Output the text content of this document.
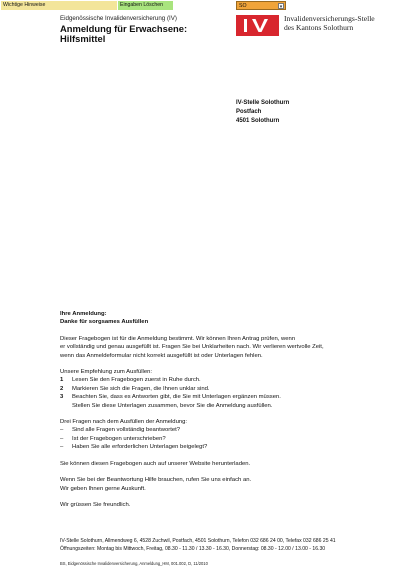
Wichtige Hinweise	Eingaben Löschen	SO	▾
Eidgenössische Invalidenversicherung (IV)
Anmeldung für Erwachsene:
Hilfsmittel
Invalidenversicherungs-Stelle
des Kantons Solothurn
IV-Stelle Solothurn
Postfach
4501 Solothurn

Ihre Anmeldung:
Danke für sorgsames Ausfüllen

Dieser Fragebogen ist für die Anmeldung bestimmt. Wir können Ihren Antrag prüfen, wenn
er vollständig und genau ausgefüllt ist. Fragen Sie bei Unklarheiten nach. Wir verlieren wertvolle Zeit,
wenn das Anmeldeformular nicht korrekt ausgefüllt ist oder Unterlagen fehlen.

Unsere Empfehlung zum Ausfüllen:
1 Lesen Sie den Fragebogen zuerst in Ruhe durch.
2 Markieren Sie sich die Fragen, die Ihnen unklar sind.
3 Beachten Sie, dass es Antworten gibt, die Sie mit Unterlagen ergänzen müssen.
Stellen Sie diese Unterlagen zusammen, bevor Sie die Anmeldung ausfüllen.

Drei Fragen nach dem Ausfüllen der Anmeldung:
– Sind alle Fragen vollständig beantwortet?
– Ist der Fragebogen unterschrieben?
– Haben Sie alle erforderlichen Unterlagen beigelegt?

Sie können diesen Fragebogen auch auf unserer Website herunterladen.

Wenn Sie bei der Beantwortung Hilfe brauchen, rufen Sie uns einfach an.
Wir geben Ihnen gerne Auskunft.

Wir grüssen Sie freundlich.

IV-Stelle Solothurn, Allmendweg 6, 4528 Zuchwil, Postfach, 4501 Solothurn, Telefon 032 686 24 00, Telefax 032 686 25 41
Öffnungszeiten: Montag bis Mittwoch, Freitag, 08.30 - 11.30 / 13.30 - 16.30, Donnerstag: 08.30 - 12.00 / 13.00 - 16.30
BS, Eidgenössische Invalidenversicherung, Anmeldung_HM, 001.002, D, 11/2010
